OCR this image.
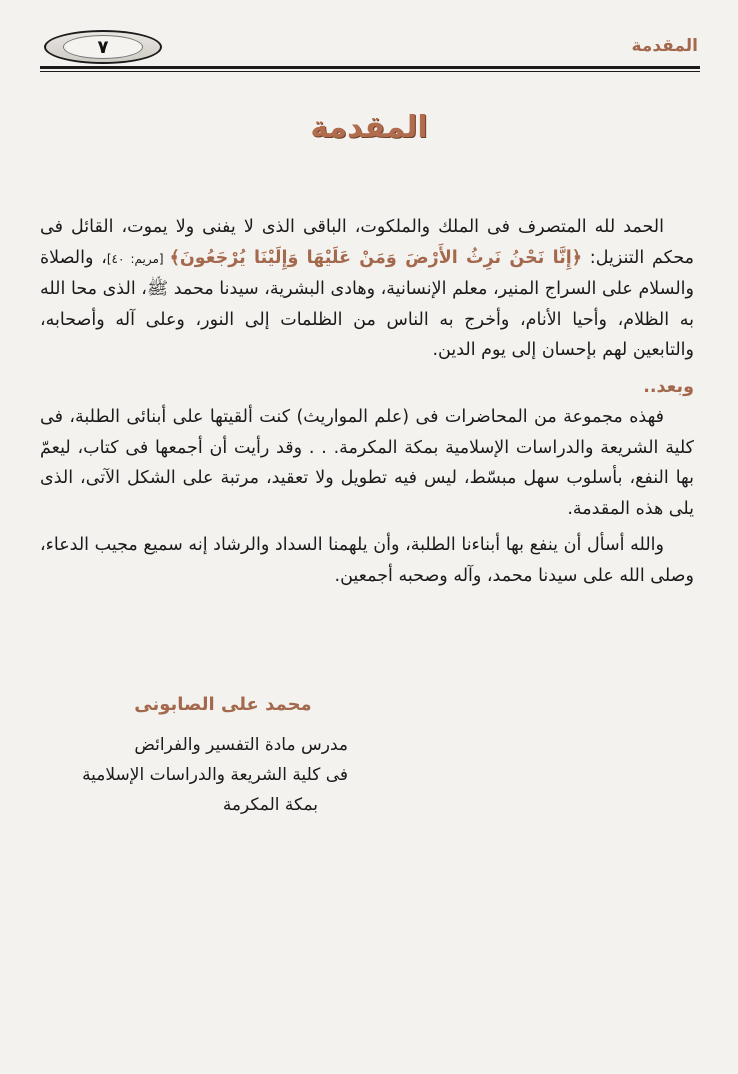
٧	المقدمة
المقدمة

الحمد لله المتصرف فى الملك والملكوت، الباقى الذى لا يفنى ولا يموت، القائل فى محكم التنزيل: ﴿إِنَّا نَحْنُ نَرِثُ الأَرْضَ وَمَنْ عَلَيْهَا وَإِلَيْنَا يُرْجَعُونَ﴾ [مريم: ٤٠]، والصلاة والسلام على السراج المنير، معلم الإنسانية، وهادى البشرية، سيدنا محمد ﷺ، الذى محا الله به الظلام، وأحيا الأنام، وأخرج به الناس من الظلمات إلى النور، وعلى آله وأصحابه، والتابعين لهم بإحسان إلى يوم الدين.

وبعد..

فهذه مجموعة من المحاضرات فى (علم المواريث) كنت ألقيتها على أبنائى الطلبة، فى كلية الشريعة والدراسات الإسلامية بمكة المكرمة. . . وقد رأيت أن أجمعها فى كتاب، ليعمّ بها النفع، بأسلوب سهل مبسّط، ليس فيه تطويل ولا تعقيد، مرتبة على الشكل الآتى، الذى يلى هذه المقدمة.

والله أسأل أن ينفع بها أبناءنا الطلبة، وأن يلهمنا السداد والرشاد إنه سميع مجيب الدعاء، وصلى الله على سيدنا محمد، وآله وصحبه أجمعين.

محمد على الصابونى
مدرس مادة التفسير والفرائض
فى كلية الشريعة والدراسات الإسلامية
بمكة المكرمة
